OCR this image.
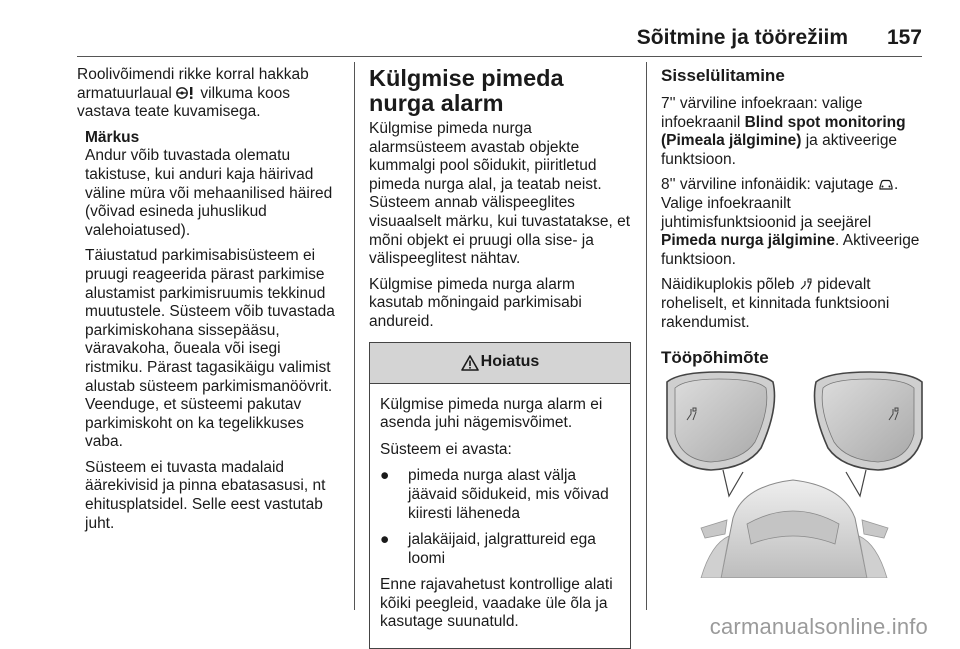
Sõitmine ja töörežiim 157

Roolivõimendi rikke korral hakkab armatuurlaual  vilkuma koos vastava teate kuvamisega.

Märkus

Andur võib tuvastada olematu takistuse, kui anduri kaja häirivad väline müra või mehaanilised häired (võivad esineda juhuslikud valehoiatused).

Täiustatud parkimisabisüsteem ei pruugi reageerida pärast parkimise alustamist parkimisruumis tekkinud muutustele. Süsteem võib tuvastada parkimiskohana sissepääsu, väravakoha, õueala või isegi ristmiku. Pärast tagasikäigu valimist alustab süsteem parkimismanöövrit. Veenduge, et süsteemi pakutav parkimiskoht on ka tegelikkuses vaba.

Süsteem ei tuvasta madalaid äärekivisid ja pinna ebatasasusi, nt ehitusplatsidel. Selle eest vastutab juht.

Külgmise pimeda nurga alarm

Külgmise pimeda nurga alarmsüsteem avastab objekte kummalgi pool sõidukit, piiritletud pimeda nurga alal, ja teatab neist. Süsteem annab välispeeglites visuaalselt märku, kui tuvastatakse, et mõni objekt ei pruugi olla sise- ja välispeeglitest nähtav.

Külgmise pimeda nurga alarm kasutab mõningaid parkimisabi andureid.

Hoiatus

Külgmise pimeda nurga alarm ei asenda juhi nägemisvõimet.

Süsteem ei avasta:

●	pimeda nurga alast välja jäävaid sõidukeid, mis võivad kiiresti läheneda
●	jalakäijaid, jalgrattureid ega loomi

Enne rajavahetust kontrollige alati kõiki peegleid, vaadake üle õla ja kasutage suunatuld.

Sisselülitamine

7'' värviline infoekraan: valige infoekraanil Blind spot monitoring (Pimeala jälgimine) ja aktiveerige funktsioon.

8'' värviline infonäidik: vajutage . Valige infoekraanilt juhtimisfunktsioonid ja seejärel Pimeda nurga jälgimine. Aktiveerige funktsioon.

Näidikuplokis põleb  pidevalt roheliselt, et kinnitada funktsiooni rakendumist.

Tööpõhimõte
carmanualsonline.info
